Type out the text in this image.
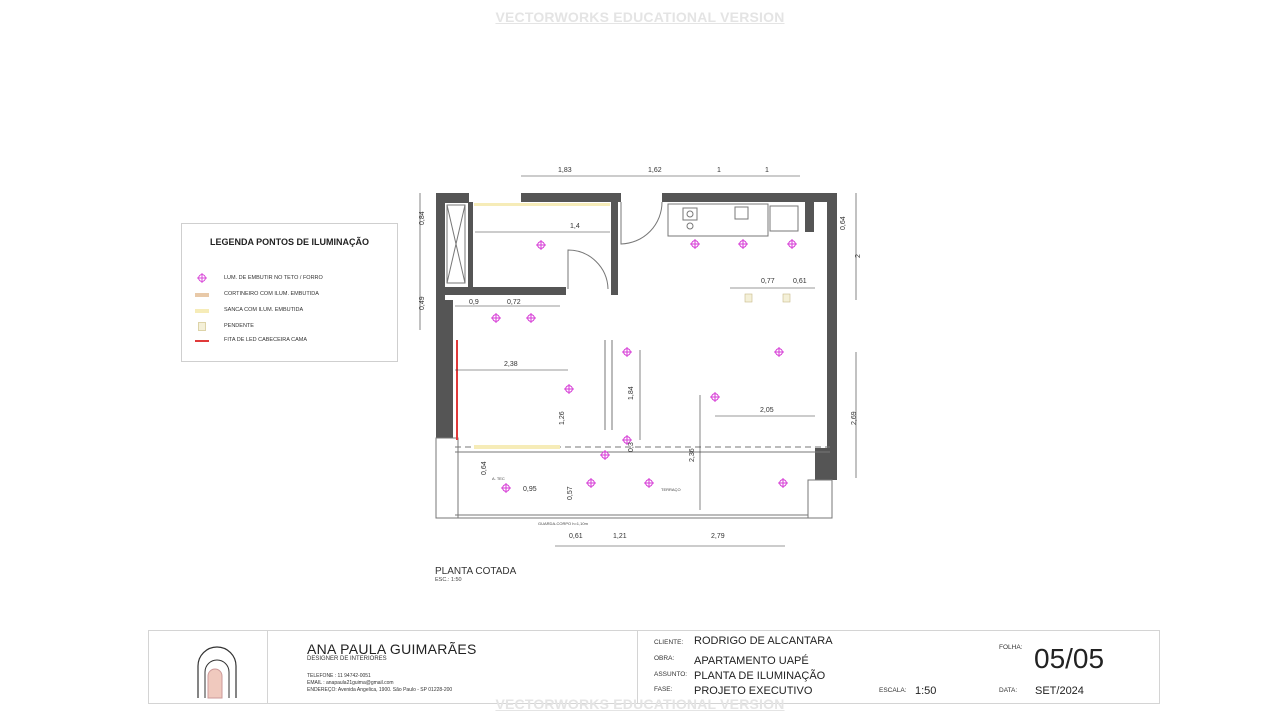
VECTORWORKS EDUCATIONAL VERSION
1,83	1,62	1	1
0,84
0,49
0,64
2
2,69
1,4
0,9	0,72
2,38
1,26
1,84
0,77	0,61
2,05
2,36
0,3
0,64
0,95	0,57
0,61	1,21	2,79
TERRAÇO
GUARDA-CORPO h=1,10m
A. TEC
LEGENDA PONTOS DE ILUMINAÇÃO
LUM. DE EMBUTIR NO TETO / FORRO
CORTINEIRO COM ILUM. EMBUTIDA
SANCA COM ILUM. EMBUTIDA
PENDENTE
FITA DE LED CABECEIRA CAMA
PLANTA COTADA
ESC.: 1:50
ANA PAULA GUIMARÃES
DESIGNER DE INTERIORES
TELEFONE : 11 94742-0051
EMAIL : anapaula21guima@gmail.com
ENDEREÇO: Avenida Angelica, 1900. São Paulo - SP 01228-200
CLIENTE: RODRIGO DE ALCANTARA
OBRA: APARTAMENTO UAPÉ
ASSUNTO: PLANTA DE ILUMINAÇÃO
FASE: PROJETO EXECUTIVO	ESCALA: 1:50
FOLHA: 05/05
DATA: SET/2024
VECTORWORKS EDUCATIONAL VERSION
